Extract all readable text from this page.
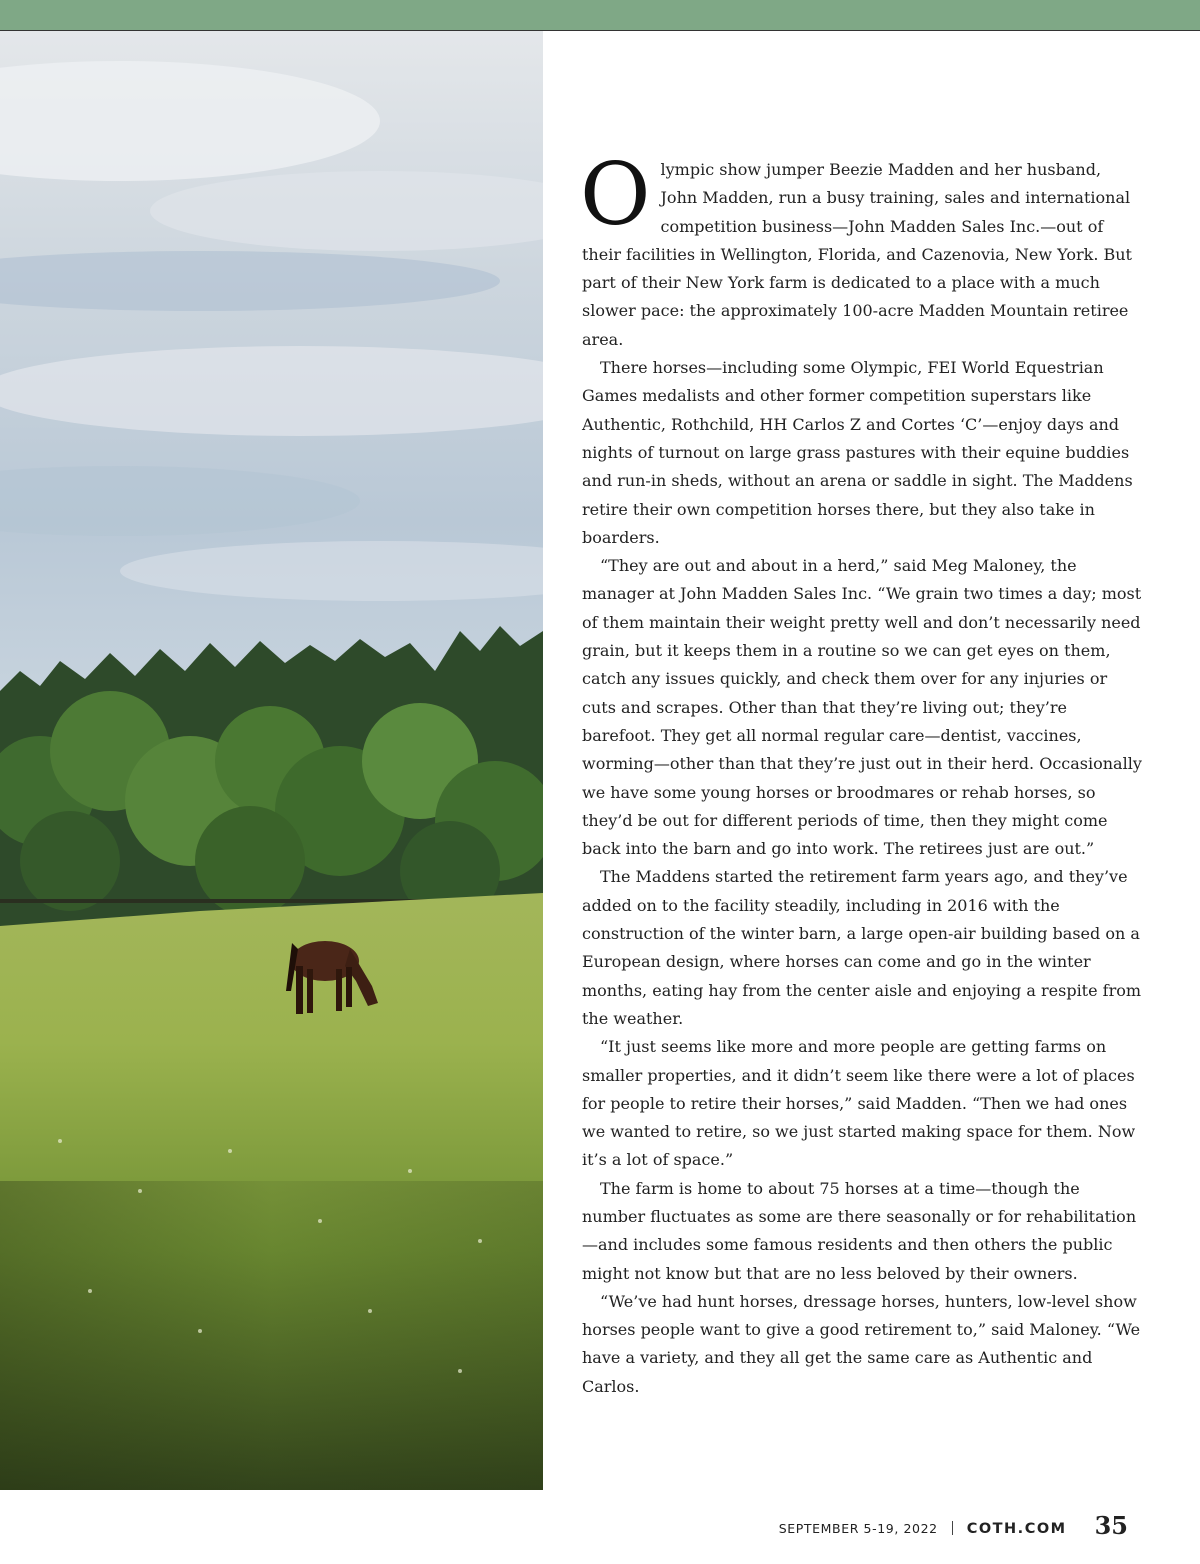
Olympic show jumper Beezie Madden and her husband, John Madden, run a busy training, sales and international competition business—John Madden Sales Inc.—out of their facilities in Wellington, Florida, and Cazenovia, New York. But part of their New York farm is dedicated to a place with a much slower pace: the approximately 100-acre Madden Mountain retiree area.

There horses—including some Olympic, FEI World Equestrian Games medalists and other former competition superstars like Authentic, Rothchild, HH Carlos Z and Cortes ‘C’—enjoy days and nights of turnout on large grass pastures with their equine buddies and run-in sheds, without an arena or saddle in sight. The Maddens retire their own competition horses there, but they also take in boarders.

“They are out and about in a herd,” said Meg Maloney, the manager at John Madden Sales Inc. “We grain two times a day; most of them maintain their weight pretty well and don’t necessarily need grain, but it keeps them in a routine so we can get eyes on them, catch any issues quickly, and check them over for any injuries or cuts and scrapes. Other than that they’re living out; they’re barefoot. They get all normal regular care—dentist, vaccines, worming—other than that they’re just out in their herd. Occasionally we have some young horses or broodmares or rehab horses, so they’d be out for different periods of time, then they might come back into the barn and go into work. The retirees just are out.”

The Maddens started the retirement farm years ago, and they’ve added on to the facility steadily, including in 2016 with the construction of the winter barn, a large open-air building based on a European design, where horses can come and go in the winter months, eating hay from the center aisle and enjoying a respite from the weather.

“It just seems like more and more people are getting farms on smaller properties, and it didn’t seem like there were a lot of places for people to retire their horses,” said Madden. “Then we had ones we wanted to retire, so we just started making space for them. Now it’s a lot of space.”

The farm is home to about 75 horses at a time—though the number fluctuates as some are there seasonally or for rehabilitation—and includes some famous residents and then others the public might not know but that are no less beloved by their owners.

“We’ve had hunt horses, dressage horses, hunters, low-level show horses people want to give a good retirement to,” said Maloney. “We have a variety, and they all get the same care as Authentic and Carlos.

SEPTEMBER 5-19, 2022 COTH.COM 35
